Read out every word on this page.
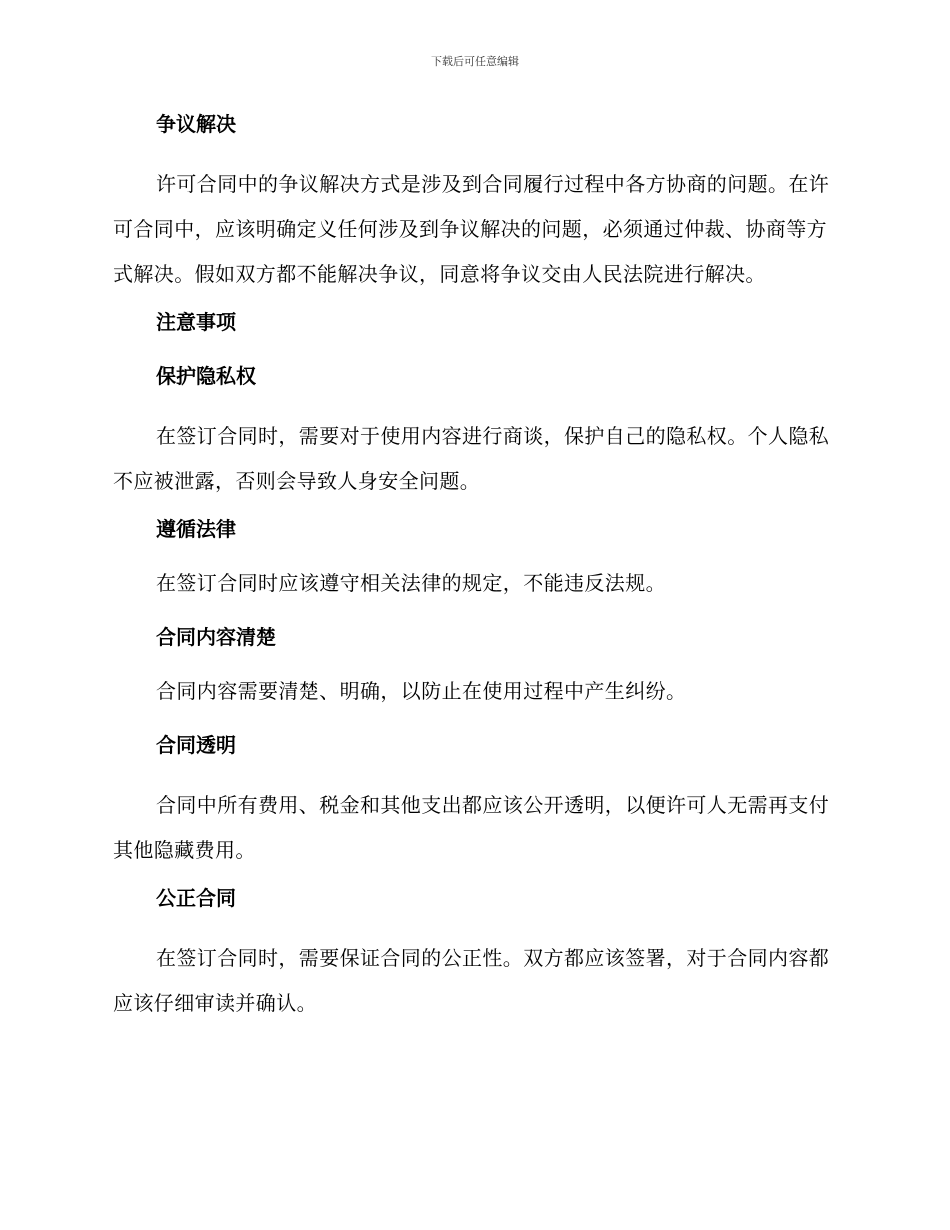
下载后可任意编辑
争议解决

许可合同中的争议解决方式是涉及到合同履行过程中各方协商的问题。在许可合同中，应该明确定义任何涉及到争议解决的问题，必须通过仲裁、协商等方式解决。假如双方都不能解决争议，同意将争议交由人民法院进行解决。

注意事项
保护隐私权

在签订合同时，需要对于使用内容进行商谈，保护自己的隐私权。个人隐私不应被泄露，否则会导致人身安全问题。

遵循法律

在签订合同时应该遵守相关法律的规定，不能违反法规。

合同内容清楚

合同内容需要清楚、明确，以防止在使用过程中产生纠纷。

合同透明

合同中所有费用、税金和其他支出都应该公开透明，以便许可人无需再支付其他隐藏费用。

公正合同

在签订合同时，需要保证合同的公正性。双方都应该签署，对于合同内容都应该仔细审读并确认。
